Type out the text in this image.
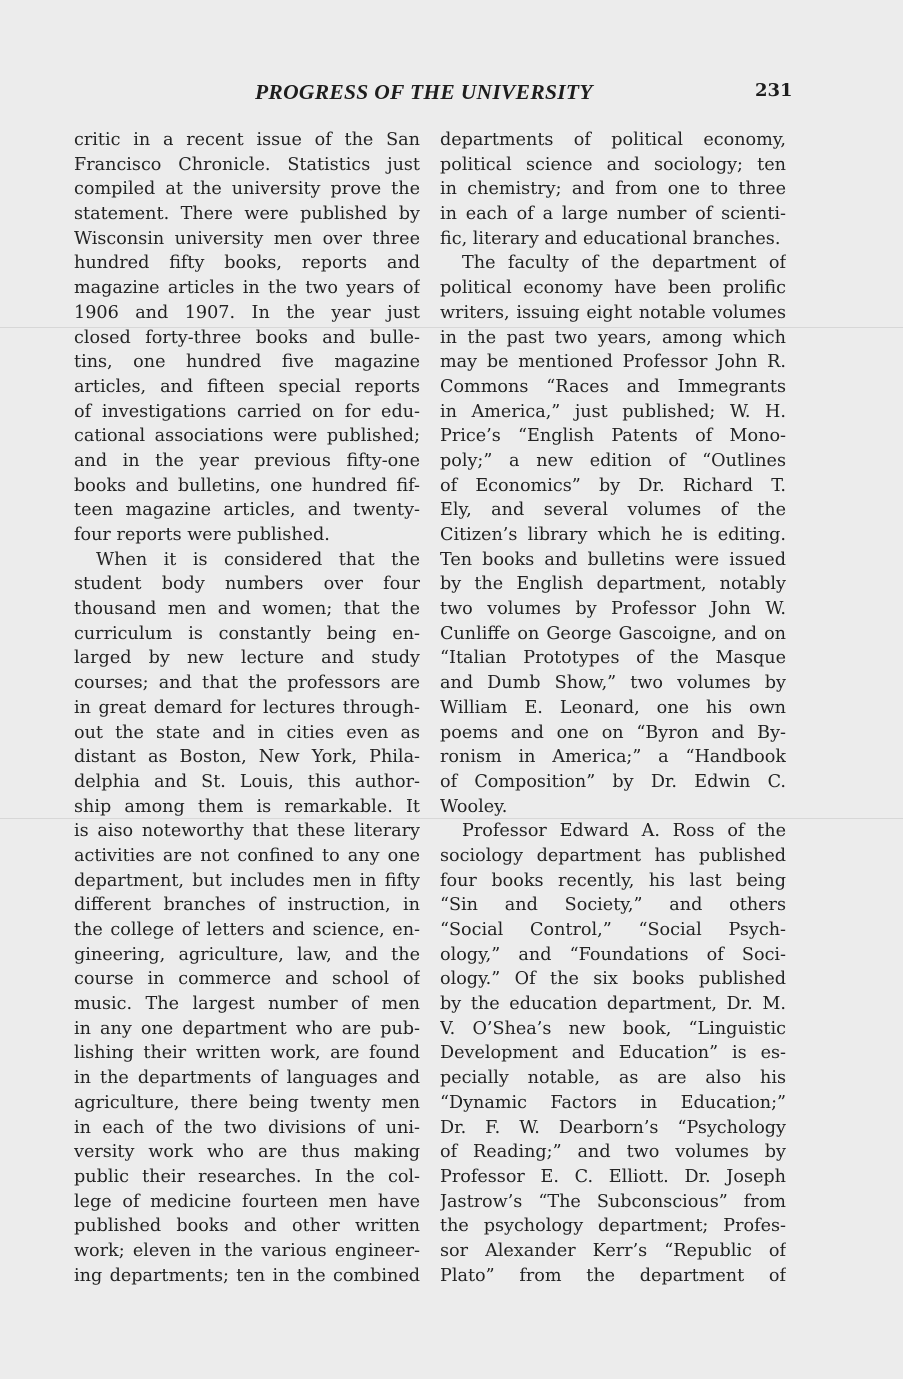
PROGRESS OF THE UNIVERSITY	231
critic in a recent issue of the San
Francisco Chronicle. Statistics just
compiled at the university prove the
statement. There were published by
Wisconsin university men over three
hundred fifty books, reports and
magazine articles in the two years of
1906 and 1907. In the year just
closed forty-three books and bulle-
tins, one hundred five magazine
articles, and fifteen special reports
of investigations carried on for edu-
cational associations were published;
and in the year previous fifty-one
books and bulletins, one hundred fif-
teen magazine articles, and twenty-
four reports were published.
When it is considered that the
student body numbers over four
thousand men and women; that the
curriculum is constantly being en-
larged by new lecture and study
courses; and that the professors are
in great demard for lectures through-
out the state and in cities even as
distant as Boston, New York, Phila-
delphia and St. Louis, this author-
ship among them is remarkable. It
is aiso noteworthy that these literary
activities are not confined to any one
department, but includes men in fifty
different branches of instruction, in
the college of letters and science, en-
gineering, agriculture, law, and the
course in commerce and school of
music. The largest number of men
in any one department who are pub-
lishing their written work, are found
in the departments of languages and
agriculture, there being twenty men
in each of the two divisions of uni-
versity work who are thus making
public their researches. In the col-
lege of medicine fourteen men have
published books and other written
work; eleven in the various engineer-
ing departments; ten in the combined
departments of political economy,
political science and sociology; ten
in chemistry; and from one to three
in each of a large number of scienti-
fic, literary and educational branches.
The faculty of the department of
political economy have been prolific
writers, issuing eight notable volumes
in the past two years, among which
may be mentioned Professor John R.
Commons “Races and Immegrants
in America,” just published; W. H.
Price’s “English Patents of Mono-
poly;” a new edition of “Outlines
of Economics” by Dr. Richard T.
Ely, and several volumes of the
Citizen’s library which he is editing.
Ten books and bulletins were issued
by the English department, notably
two volumes by Professor John W.
Cunliffe on George Gascoigne, and on
“Italian Prototypes of the Masque
and Dumb Show,” two volumes by
William E. Leonard, one his own
poems and one on “Byron and By-
ronism in America;” a “Handbook
of Composition” by Dr. Edwin C.
Wooley.
Professor Edward A. Ross of the
sociology department has published
four books recently, his last being
“Sin and Society,” and others
“Social Control,” “Social Psych-
ology,” and “Foundations of Soci-
ology.” Of the six books published
by the education department, Dr. M.
V. O’Shea’s new book, “Linguistic
Development and Education” is es-
pecially notable, as are also his
“Dynamic Factors in Education;”
Dr. F. W. Dearborn’s “Psychology
of Reading;” and two volumes by
Professor E. C. Elliott. Dr. Joseph
Jastrow’s “The Subconscious” from
the psychology department; Profes-
sor Alexander Kerr’s “Republic of
Plato” from the department of
